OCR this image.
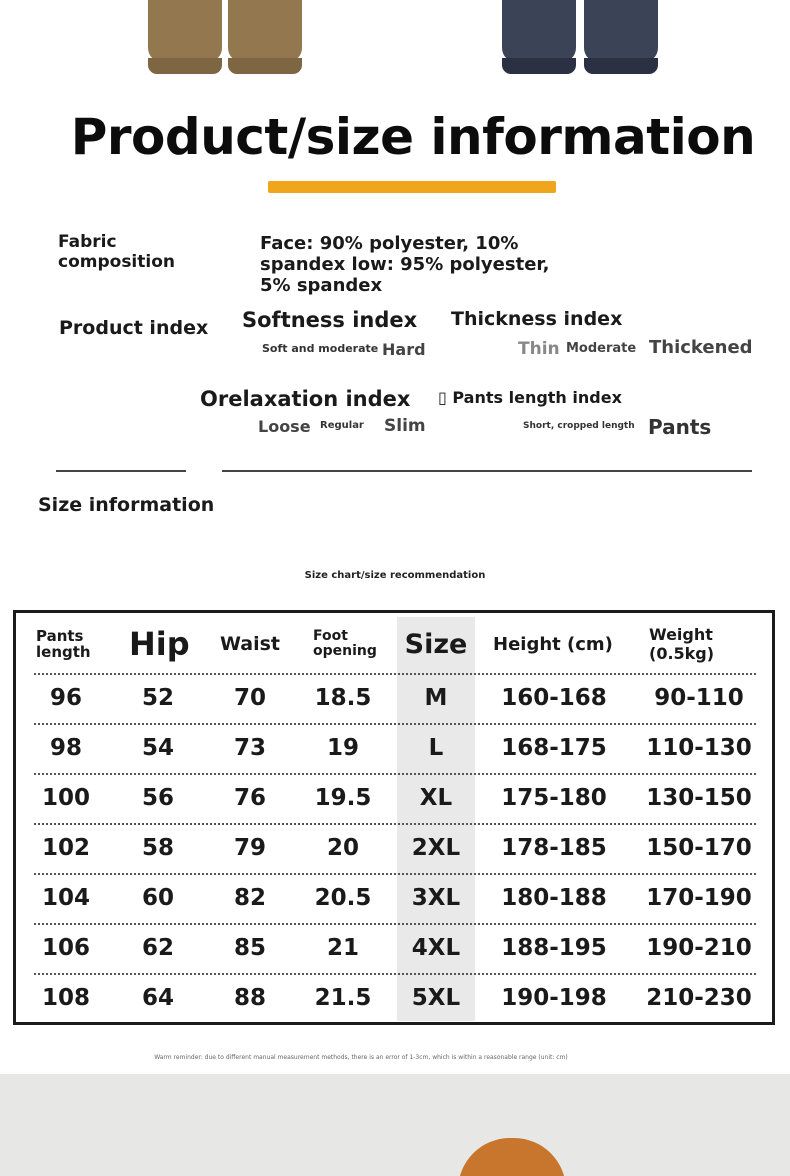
Product/size information
Fabric composition
Face: 90% polyester, 10% spandex low: 95% polyester, 5% spandex
Product index Softness index
Soft and moderate Hard
Thickness index
Thin Moderate Thickened
Orelaxation index
Loose Regular Slim
▯ Pants length index
Short, cropped length Pants
Size information
Size chart/size recommendation
Pants length	Hip	Waist	Foot opening	Size	Height (cm)	Weight (0.5kg)
96	52	70	18.5	M	160-168	90-110
98	54	73	19	L	168-175	110-130
100	56	76	19.5	XL	175-180	130-150
102	58	79	20	2XL	178-185	150-170
104	60	82	20.5	3XL	180-188	170-190
106	62	85	21	4XL	188-195	190-210
108	64	88	21.5	5XL	190-198	210-230
Warm reminder: due to different manual measurement methods, there is an error of 1-3cm, which is within a reasonable range (unit: cm)
